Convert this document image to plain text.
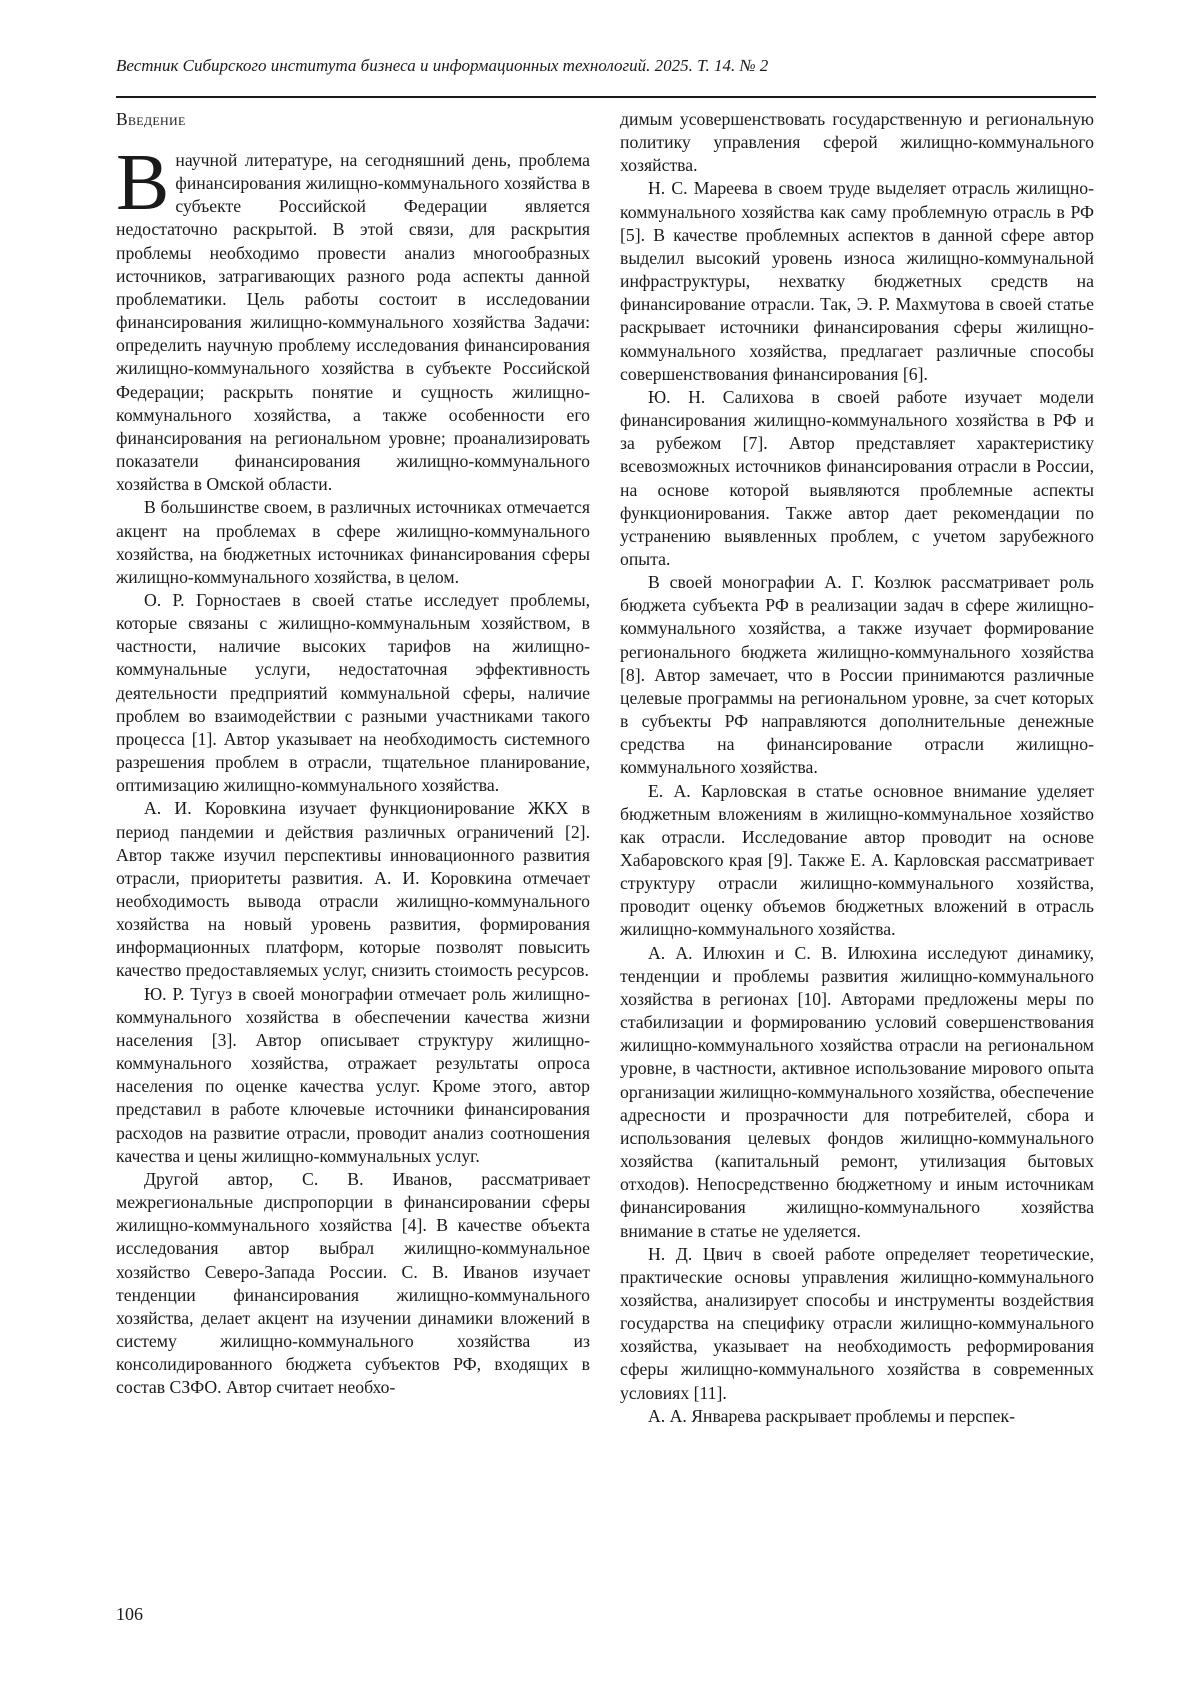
Вестник Сибирского института бизнеса и информационных технологий. 2025. Т. 14. № 2
Введение

Внаучной литературе, на сегодняшний день, проблема финансирования жилищно-коммунального хозяйства в субъекте Российской Федерации является недостаточно раскрытой. В этой связи, для раскрытия проблемы необходимо провести анализ многообразных источников, затрагивающих разного рода аспекты данной проблематики. Цель работы состоит в исследовании финансирования жилищно-коммунального хозяйства Задачи: определить научную проблему исследования финансирования жилищно-коммунального хозяйства в субъекте Российской Федерации; раскрыть понятие и сущность жилищно-коммунального хозяйства, а также особенности его финансирования на региональном уровне; проанализировать показатели финансирования жилищно-коммунального хозяйства в Омской области.

В большинстве своем, в различных источниках отмечается акцент на проблемах в сфере жилищно-коммунального хозяйства, на бюджетных источниках финансирования сферы жилищно-коммунального хозяйства, в целом.

О. Р. Горностаев в своей статье исследует проблемы, которые связаны с жилищно-коммунальным хозяйством, в частности, наличие высоких тарифов на жилищно-коммунальные услуги, недостаточная эффективность деятельности предприятий коммунальной сферы, наличие проблем во взаимодействии с разными участниками такого процесса [1]. Автор указывает на необходимость системного разрешения проблем в отрасли, тщательное планирование, оптимизацию жилищно-коммунального хозяйства.

А. И. Коровкина изучает функционирование ЖКХ в период пандемии и действия различных ограничений [2]. Автор также изучил перспективы инновационного развития отрасли, приоритеты развития. А. И. Коровкина отмечает необходимость вывода отрасли жилищно-коммунального хозяйства на новый уровень развития, формирования информационных платформ, которые позволят повысить качество предоставляемых услуг, снизить стоимость ресурсов.

Ю. Р. Тугуз в своей монографии отмечает роль жилищно-коммунального хозяйства в обеспечении качества жизни населения [3]. Автор описывает структуру жилищно-коммунального хозяйства, отражает результаты опроса населения по оценке качества услуг. Кроме этого, автор представил в работе ключевые источники финансирования расходов на развитие отрасли, проводит анализ соотношения качества и цены жилищно-коммунальных услуг.

Другой автор, С. В. Иванов, рассматривает межрегиональные диспропорции в финансировании сферы жилищно-коммунального хозяйства [4]. В качестве объекта исследования автор выбрал жилищно-коммунальное хозяйство Северо-Запада России. С. В. Иванов изучает тенденции финансирования жилищно-коммунального хозяйства, делает акцент на изучении динамики вложений в систему жилищно-коммунального хозяйства из консолидированного бюджета субъектов РФ, входящих в состав СЗФО. Автор считает необхо-

димым усовершенствовать государственную и региональную политику управления сферой жилищно-коммунального хозяйства.

Н. С. Мареева в своем труде выделяет отрасль жилищно-коммунального хозяйства как саму проблемную отрасль в РФ [5]. В качестве проблемных аспектов в данной сфере автор выделил высокий уровень износа жилищно-коммунальной инфраструктуры, нехватку бюджетных средств на финансирование отрасли. Так, Э. Р. Махмутова в своей статье раскрывает источники финансирования сферы жилищно-коммунального хозяйства, предлагает различные способы совершенствования финансирования [6].

Ю. Н. Салихова в своей работе изучает модели финансирования жилищно-коммунального хозяйства в РФ и за рубежом [7]. Автор представляет характеристику всевозможных источников финансирования отрасли в России, на основе которой выявляются проблемные аспекты функционирования. Также автор дает рекомендации по устранению выявленных проблем, с учетом зарубежного опыта.

В своей монографии А. Г. Козлюк рассматривает роль бюджета субъекта РФ в реализации задач в сфере жилищно-коммунального хозяйства, а также изучает формирование регионального бюджета жилищно-коммунального хозяйства [8]. Автор замечает, что в России принимаются различные целевые программы на региональном уровне, за счет которых в субъекты РФ направляются дополнительные денежные средства на финансирование отрасли жилищно-коммунального хозяйства.

Е. А. Карловская в статье основное внимание уделяет бюджетным вложениям в жилищно-коммунальное хозяйство как отрасли. Исследование автор проводит на основе Хабаровского края [9]. Также Е. А. Карловская рассматривает структуру отрасли жилищно-коммунального хозяйства, проводит оценку объемов бюджетных вложений в отрасль жилищно-коммунального хозяйства.

А. А. Илюхин и С. В. Илюхина исследуют динамику, тенденции и проблемы развития жилищно-коммунального хозяйства в регионах [10]. Авторами предложены меры по стабилизации и формированию условий совершенствования жилищно-коммунального хозяйства отрасли на региональном уровне, в частности, активное использование мирового опыта организации жилищно-коммунального хозяйства, обеспечение адресности и прозрачности для потребителей, сбора и использования целевых фондов жилищно-коммунального хозяйства (капитальный ремонт, утилизация бытовых отходов). Непосредственно бюджетному и иным источникам финансирования жилищно-коммунального хозяйства внимание в статье не уделяется.

Н. Д. Цвич в своей работе определяет теоретические, практические основы управления жилищно-коммунального хозяйства, анализирует способы и инструменты воздействия государства на специфику отрасли жилищно-коммунального хозяйства, указывает на необходимость реформирования сферы жилищно-коммунального хозяйства в современных условиях [11].

А. А. Январева раскрывает проблемы и перспек-

106
